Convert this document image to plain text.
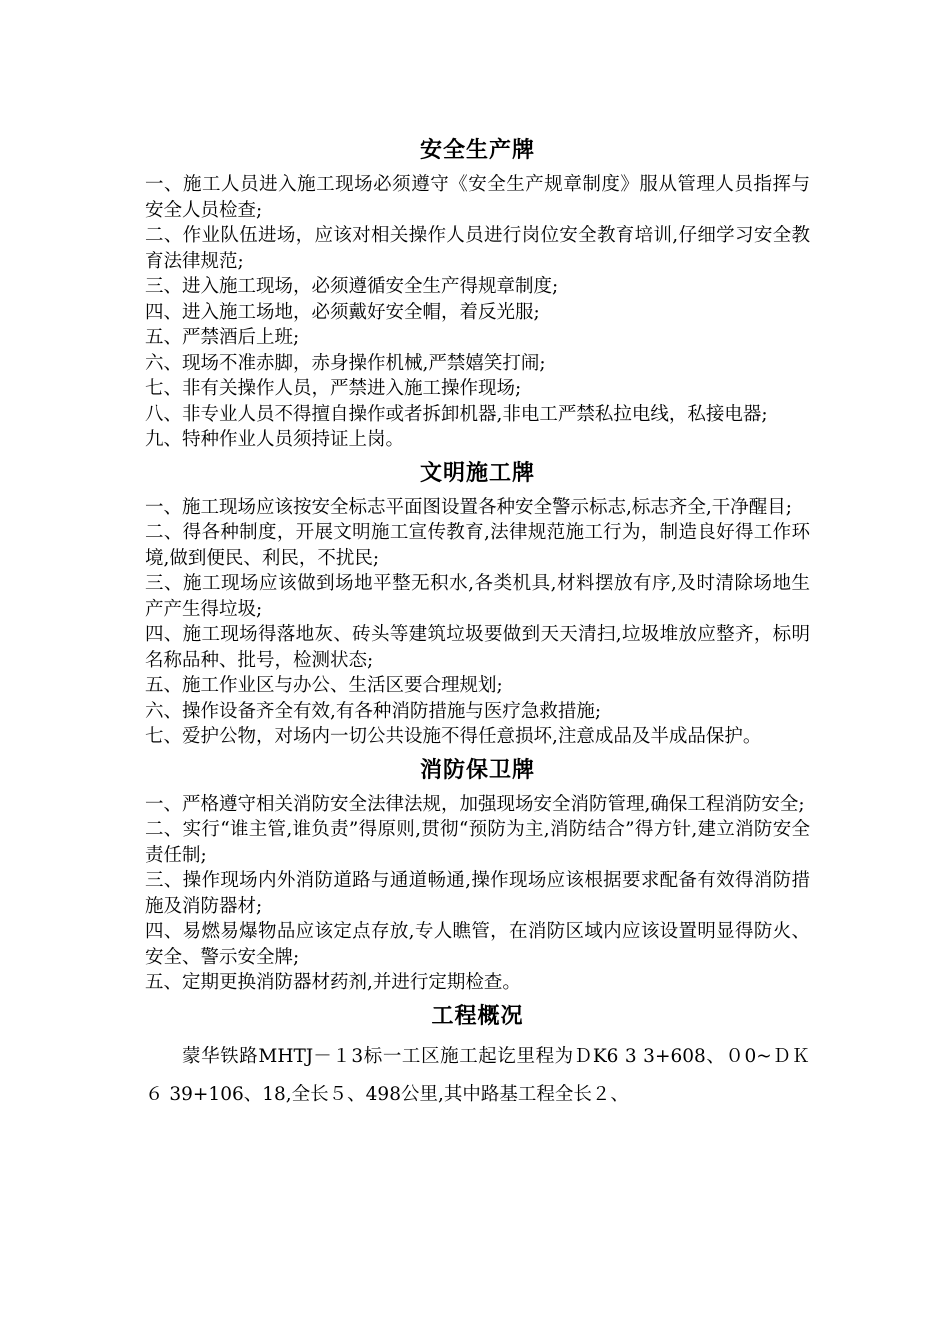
安全生产牌

一、施工人员进入施工现场必须遵守《安全生产规章制度》服从管理人员指挥与安全人员检查;

二、作业队伍进场，应该对相关操作人员进行岗位安全教育培训,仔细学习安全教育法律规范;

三、进入施工现场，必须遵循安全生产得规章制度;

四、进入施工场地，必须戴好安全帽，着反光服;

五、严禁酒后上班;

六、现场不准赤脚，赤身操作机械,严禁嬉笑打闹;

七、非有关操作人员，严禁进入施工操作现场;

八、非专业人员不得擅自操作或者拆卸机器,非电工严禁私拉电线，私接电器;

九、特种作业人员须持证上岗。

文明施工牌

一、施工现场应该按安全标志平面图设置各种安全警示标志,标志齐全,干净醒目;

二、得各种制度，开展文明施工宣传教育,法律规范施工行为，制造良好得工作环境,做到便民、利民，不扰民;

三、施工现场应该做到场地平整无积水,各类机具,材料摆放有序,及时清除场地生产产生得垃圾;

四、施工现场得落地灰、砖头等建筑垃圾要做到天天清扫,垃圾堆放应整齐，标明名称品种、批号，检测状态;

五、施工作业区与办公、生活区要合理规划;

六、操作设备齐全有效,有各种消防措施与医疗急救措施;

七、爱护公物，对场内一切公共设施不得任意损坏,注意成品及半成品保护。

消防保卫牌

一、严格遵守相关消防安全法律法规，加强现场安全消防管理,确保工程消防安全;

二、实行“谁主管,谁负责”得原则,贯彻“预防为主,消防结合”得方针,建立消防安全责任制;

三、操作现场内外消防道路与通道畅通,操作现场应该根据要求配备有效得消防措施及消防器材;

四、易燃易爆物品应该定点存放,专人瞧管，在消防区域内应该设置明显得防火、安全、警示安全牌;

五、定期更换消防器材药剂,并进行定期检查。

工程概况

蒙华铁路MHTJ－１3标一工区施工起讫里程为ＤK6 3 3+608、０0~ＤＫ６ 39+106、18,全长５、498公里,其中路基工程全长２、
